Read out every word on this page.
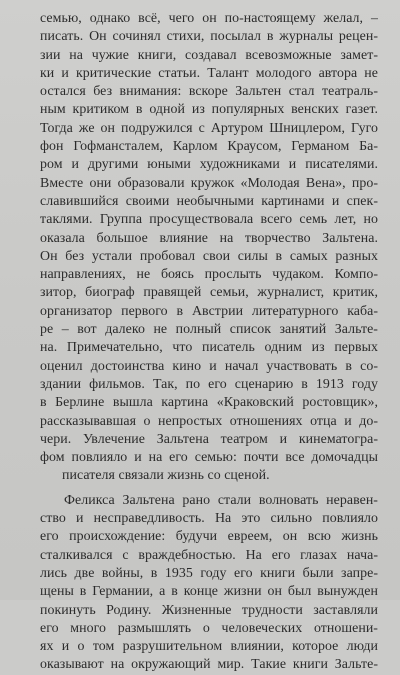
семью, однако всё, чего он по-настоящему желал, –
писать. Он сочинял стихи, посылал в журналы рецен-
зии на чужие книги, создавал всевозможные замет-
ки и критические статьи. Талант молодого автора не
остался без внимания: вскоре Зальтен стал театраль-
ным критиком в одной из популярных венских газет.
Тогда же он подружился с Артуром Шницлером, Гуго
фон Гофмансталем, Карлом Краусом, Германом Ба-
ром и другими юными художниками и писателями.
Вместе они образовали кружок «Молодая Вена», про-
славившийся своими необычными картинами и спек-
таклями. Группа просуществовала всего семь лет, но
оказала большое влияние на творчество Зальтена.
Он без устали пробовал свои силы в самых разных
направлениях, не боясь прослыть чудаком. Компо-
зитор, биограф правящей семьи, журналист, критик,
организатор первого в Австрии литературного каба-
ре – вот далеко не полный список занятий Зальте-
на. Примечательно, что писатель одним из первых
оценил достоинства кино и начал участвовать в со-
здании фильмов. Так, по его сценарию в 1913 году
в Берлине вышла картина «Краковский ростовщик»,
рассказывавшая о непростых отношениях отца и до-
чери. Увлечение Зальтена театром и кинематогра-
фом повлияло и на его семью: почти все домочадцы
писателя связали жизнь со сценой.

Феликса Зальтена рано стали волновать неравен-
ство и несправедливость. На это сильно повлияло
его происхождение: будучи евреем, он всю жизнь
сталкивался с враждебностью. На его глазах нача-
лись две войны, в 1935 году его книги были запре-
щены в Германии, а в конце жизни он был вынужден
покинуть Родину. Жизненные трудности заставляли
его много размышлять о человеческих отношени-
ях и о том разрушительном влиянии, которое люди
оказывают на окружающий мир. Такие книги Зальте-
